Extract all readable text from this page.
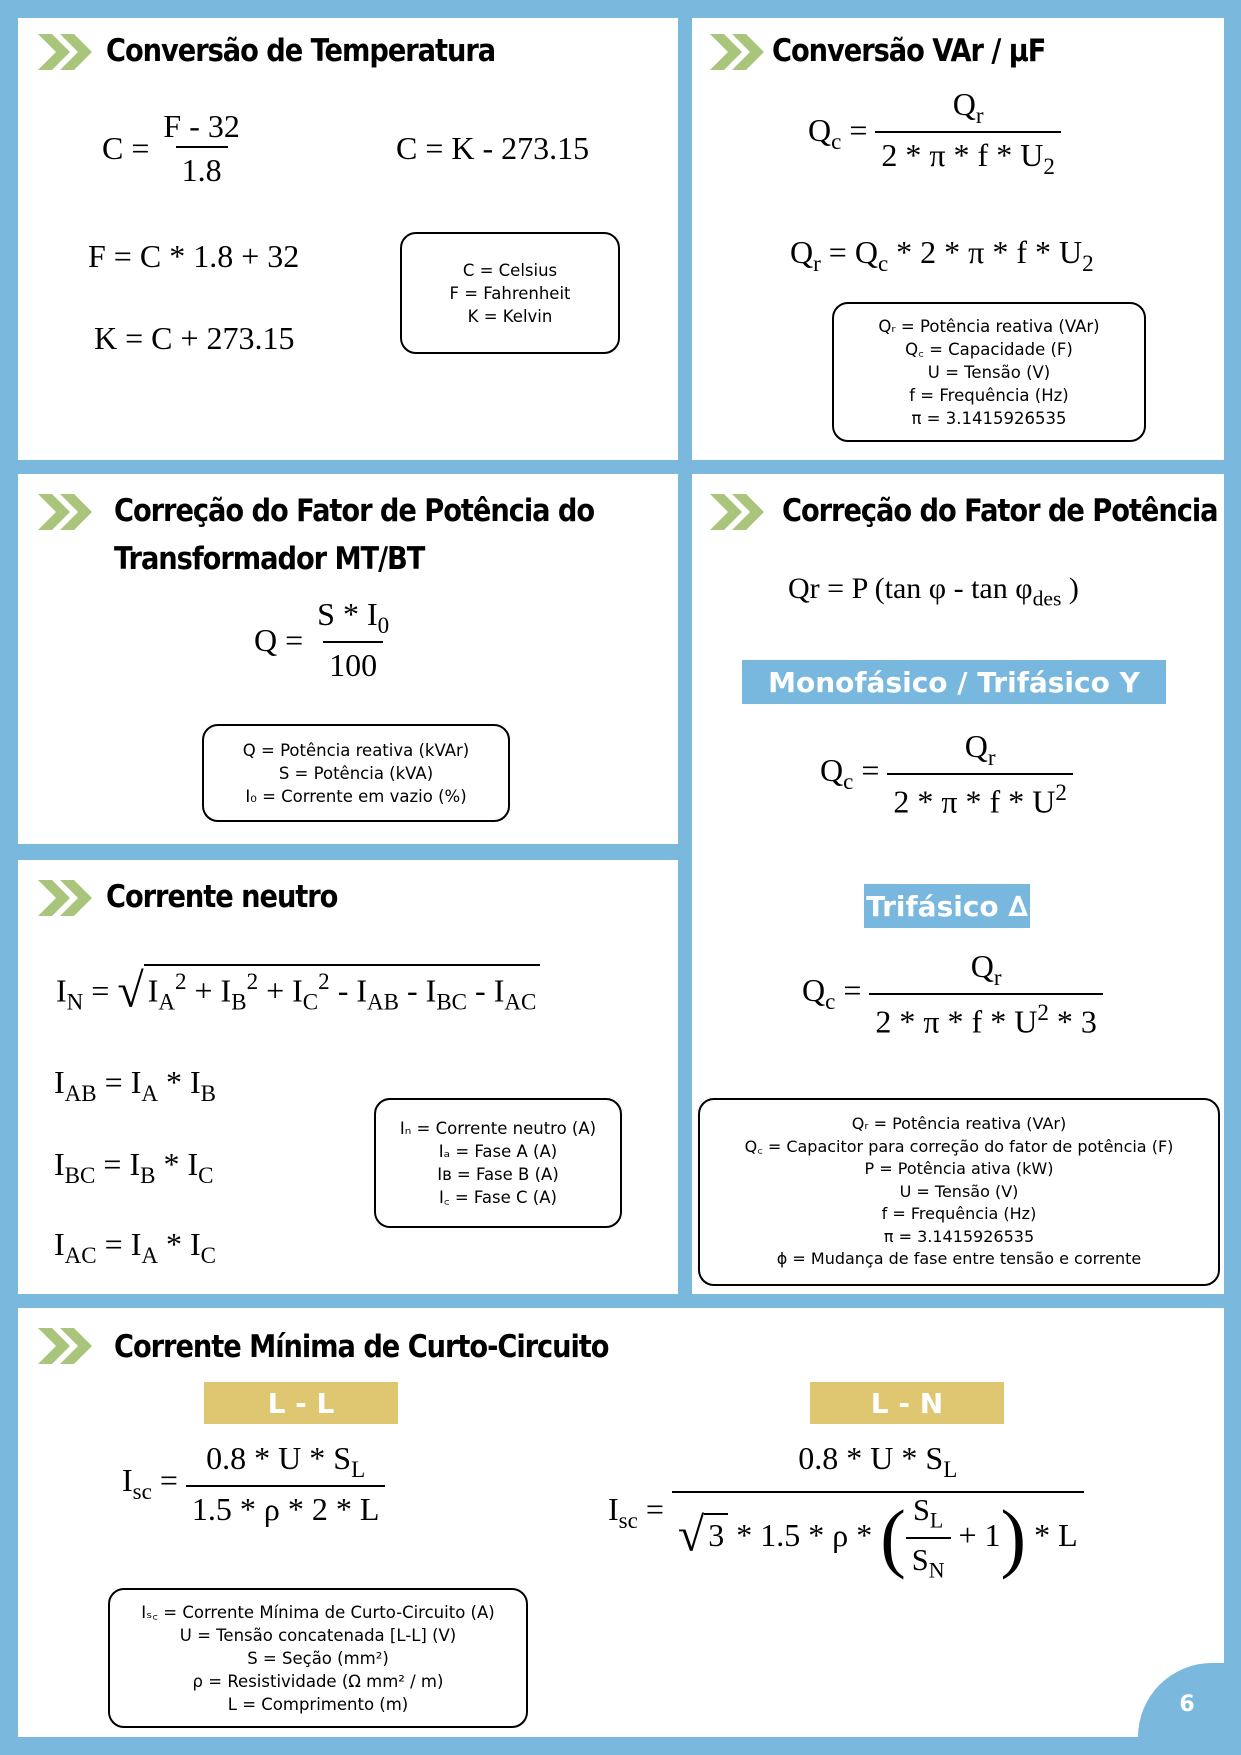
Conversão de Temperatura
$C = \frac{F - 32}{1.8}$	C = K - 273.15
F = C * 1.8 + 32
K = C + 273.15
C = Celsius
F = Fahrenheit
K = Kelvin
Conversão VAr / µF
$Q_c = \frac{Q_r}{2 * \pi * f * U_2}$
$Q_r = Q_c * 2 * \pi * f * U_2$
Qᵣ = Potência reativa (VAr)
Q꜀ = Capacidade (F)
U = Tensão (V)
f = Frequência (Hz)
π = 3.1415926535
Correção do Fator de Potência do
Transformador MT/BT
$Q = \frac{S * I_0}{100}$
Q = Potência reativa (kVAr)
S = Potência (kVA)
I₀ = Corrente em vazio (%)
Corrente neutro
$I_N$ = √ $I_A^2 + I_B^2 + I_C^2 - I_{AB} - I_{BC} - I_{AC}$
$I_{AB} = I_A * I_B$
$I_{BC} = I_B * I_C$
$I_{AC} = I_A * I_C$
Iₙ = Corrente neutro (A)
Iₐ = Fase A (A)
Iʙ = Fase B (A)
I꜀ = Fase C (A)
Correção do Fator de Potência
Qr = P (tan φ - $\tan \varphi_{des}$ )
Monofásico / Trifásico Y
$Q_c = \frac{Q_r}{2 * \pi * f * U^2}$
Trifásico ∆
$Q_c = \frac{Q_r}{2 * \pi * f * U^2 * 3}$
Qᵣ = Potência reativa (VAr)
Q꜀ = Capacitor para correção do fator de potência (F)
P = Potência ativa (kW)
U = Tensão (V)
f = Frequência (Hz)
π = 3.1415926535
ɸ = Mudança de fase entre tensão e corrente
Corrente Mínima de Curto-Circuito
L - L	L - N
$I_{sc} = \frac{0.8 * U * S_L}{1.5 * \rho * 2 * L}$	$I_{sc} = \frac{0.8 * U * S_L}{√ 3 * 1.5 * \rho * ( \frac{S_L}{S_N} + 1) * L}$
Iₛ꜀ = Corrente Mínima de Curto-Circuito (A)
U = Tensão concatenada [L-L] (V)
S = Seção (mm²)
ρ = Resistividade (Ω mm² / m)
L = Comprimento (m)	6
